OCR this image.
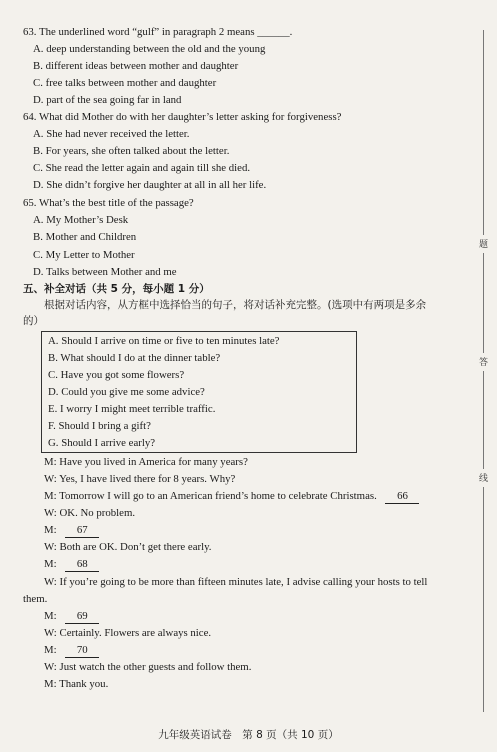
63. The underlined word “gulf” in paragraph 2 means ______.
A. deep understanding between the old and the young
B. different ideas between mother and daughter
C. free talks between mother and daughter
D. part of the sea going far in land
64. What did Mother do with her daughter’s letter asking for forgiveness?
A. She had never received the letter.
B. For years, she often talked about the letter.
C. She read the letter again and again till she died.
D. She didn’t forgive her daughter at all in all her life.
65. What’s the best title of the passage?
A. My Mother’s Desk
B. Mother and Children
C. My Letter to Mother
D. Talks between Mother and me
五、补全对话（共 5 分，每小题 1 分）
根据对话内容，从方框中选择恰当的句子，将对话补充完整。(选项中有两项是多余
的）
A. Should I arrive on time or five to ten minutes late?
B. What should I do at the dinner table?
C. Have you got some flowers?
D. Could you give me some advice?
E. I worry I might meet terrible traffic.
F. Should I bring a gift?
G. Should I arrive early?
M: Have you lived in America for many years?
W: Yes, I have lived there for 8 years. Why?
M: Tomorrow I will go to an American friend’s home to celebrate Christmas. 66
W: OK. No problem.
M: 67
W: Both are OK. Don’t get there early.
M: 68
W: If you’re going to be more than fifteen minutes late, I advise calling your hosts to tell
them.
M: 69
W: Certainly. Flowers are always nice.
M: 70
W: Just watch the other guests and follow them.
M: Thank you.
题
答
线
九年级英语试卷　第 8 页（共 10 页）
